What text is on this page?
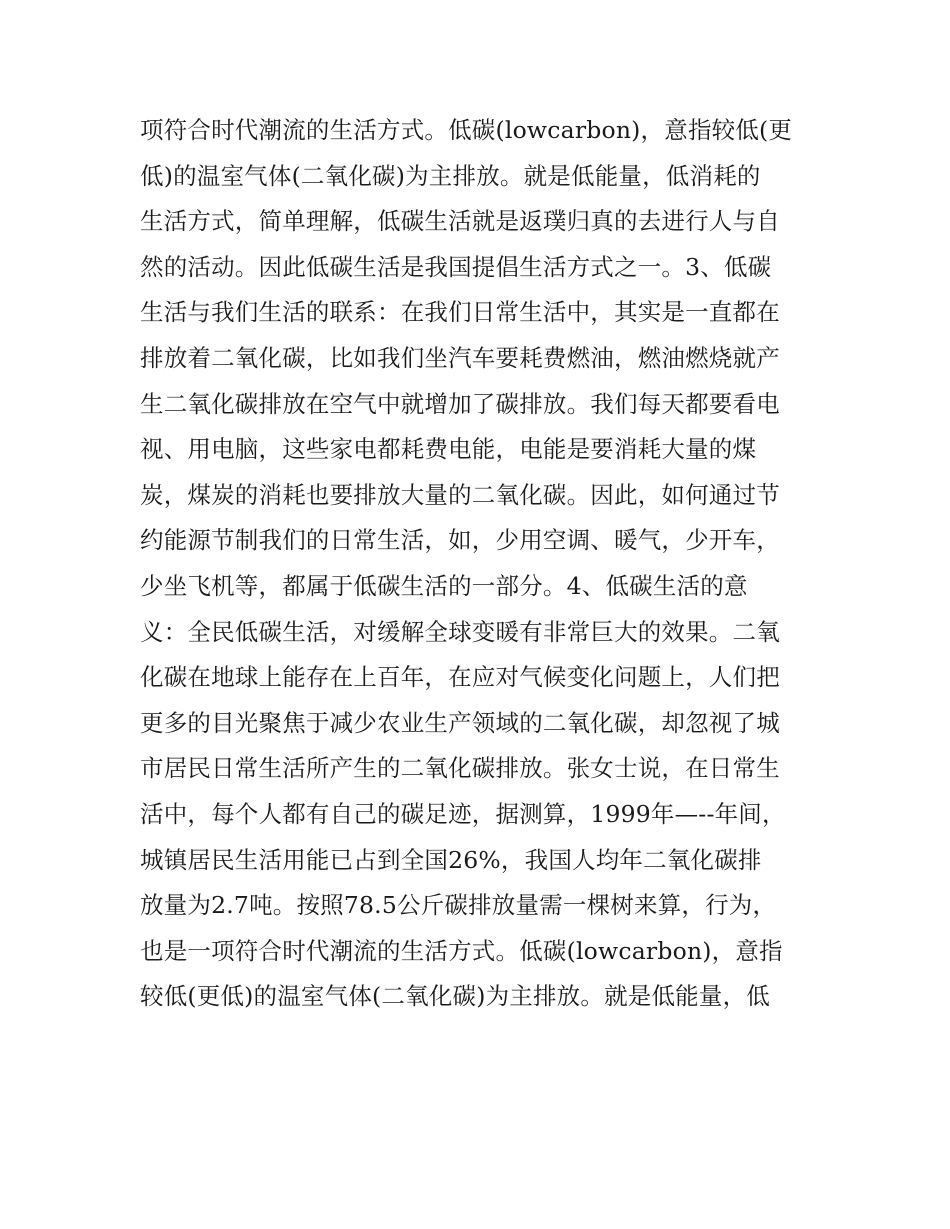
项符合时代潮流的生活方式。低碳(lowcarbon)，意指较低(更
低)的温室气体(二氧化碳)为主排放。就是低能量，低消耗的
生活方式，简单理解，低碳生活就是返璞归真的去进行人与自
然的活动。因此低碳生活是我国提倡生活方式之一。3、低碳
生活与我们生活的联系：在我们日常生活中，其实是一直都在
排放着二氧化碳，比如我们坐汽车要耗费燃油，燃油燃烧就产
生二氧化碳排放在空气中就增加了碳排放。我们每天都要看电
视、用电脑，这些家电都耗费电能，电能是要消耗大量的煤
炭，煤炭的消耗也要排放大量的二氧化碳。因此，如何通过节
约能源节制我们的日常生活，如，少用空调、暖气，少开车，
少坐飞机等，都属于低碳生活的一部分。4、低碳生活的意
义：全民低碳生活，对缓解全球变暖有非常巨大的效果。二氧
化碳在地球上能存在上百年，在应对气候变化问题上，人们把
更多的目光聚焦于减少农业生产领域的二氧化碳，却忽视了城
市居民日常生活所产生的二氧化碳排放。张女士说，在日常生
活中，每个人都有自己的碳足迹，据测算，1999年—--年间，
城镇居民生活用能已占到全国26%，我国人均年二氧化碳排
放量为2.7吨。按照78.5公斤碳排放量需一棵树来算，行为，
也是一项符合时代潮流的生活方式。低碳(lowcarbon)，意指
较低(更低)的温室气体(二氧化碳)为主排放。就是低能量，低
